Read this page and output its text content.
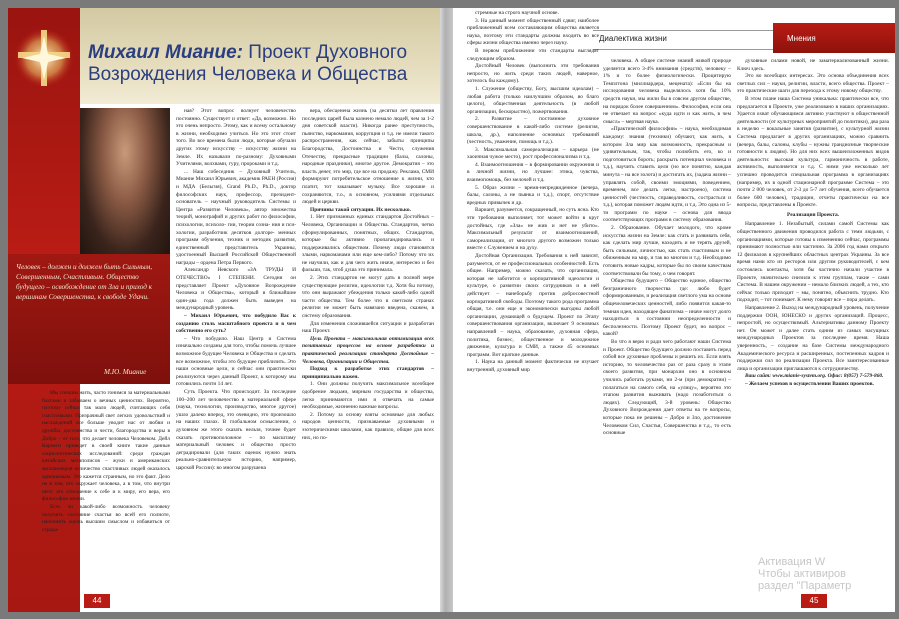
Михаил Миание: Проект Духовного Возрождения Человека и Общества
Человек – должен и должен быть Сильным, Совершенным, Счастливым. Общество будущего – освобождение от Зла и приход к вершинам Совершенства, к свободе Удачи.
М.Ю. Миание

ная? Этот вопрос волнует человечество постоянно. Существует и ответ: «Да, возможно. Но это очень непросто. Этому, как и всему остальному в жизни, необходимо учиться. Но это этот стоит того. Во все времена были люди, которые обучали других этому искусству – искусству жизни на Земле. Их называли по-разному: Духовными Учителями, волхвами, гуру, пророками и т.д.

... Наш собеседник – Духовный Учитель, Миание Михаил Юрьевич, академик РАЕН (Россия) и МДА (Бельгия), Grand Ph.D., Ph.D., доктор философских наук, профессор, президент-основатель – научный руководитель Системы и Центра «Развитие Человека», автор множества теорий, монографий и других работ по философии, психологии, психоло- гии, теории созна- ния и пси- хологии, разработчик десятков долгоре- менных программ обучения, техник и методик развития, единственный представитель Украины, удостоенный Высшей Российской Общественной награды – ордена Петра Первого.

Александр Невского «ЗА ТРУДЫ И ОТЕЧЕСТВО» І СТЕПЕНИ. Сегодня он представляет Проект «Духовное Возрождение Человека и Общества», который в ближайшие один-два года должен быть выведен на международный уровень.

– Михаил Юрьевич, что побудило Вас к созданию столь масштабного проекта и в чем собственно его суть?

– Что побудило. Наш Центр и Система изначально созданы для того, чтобы помочь лучшее возможное будущее Человека и Общества и сделать все возможное, чтобы это будущее приблизить. Это наши основные цели, и сейчас они практически реализуются через данный Проект, к которому мы готовились почти 14 лет.

Суть Проекта. Что происходит. За последние 100–200 лет человечество в материальной сфере (наука, технологии, производство, многое другое) ушло далеко вперед, это очевидно, это произошло на наших глазах. В глобальном осмыслении, о духовном же этого сказать нельзя, точнее будет сказать противоположное – по масштаму материальный человек и общество просто деградировали (для таких оценок нужно знать реально-сравнительную историю, например, царской России): во многом разрушена

вера, обесценена жизнь (за десятки лет правления последних царей была казнено немало людей, чем за 1-2 дня советской власти). Никогда ранее преступность, пьянство, наркомания, коррупция и т.д. не имели такого распространения, как сейчас, забыты принципы Благородства, Достоинства и Чести, служения Отечеству, прекрасные традиции (балы, салоны, народные праздники), многое другое. Демократия – это власть денег, это мир, где все на продажу. Реклама, СМИ формируют потребительское отношение к жизни, кто платит, тот заказывает музыку. Все хорошие и сохраняются, т.о., в основном, усилиями отдельных людей и церкви.

Причины такой ситуации. Их несколько.

1. Нет признанных единых стандартов Достойных – Человека, Организации и Общества. Стандартов, четко сформулированных, понятных, общих. Стандартов, которые бы активно пропагандировались и поддерживались обществом. Почему люди становятся злыми, наркоманами или еще кем-либо? Потому что их не научили, как и для чего жить иначе, интересно и без фальши, так, чтоб душа это принимала.

2. Этих стандартов не могут дать в полной мере существующие религии, идеологии т.д. Хотя бы потому, что они выражают убеждения только какой-либо одной части общества. Тем более что в светском странах религии не может быть навязано введена, скажем, в систему образования.

Для изменения сложившейся ситуации и разработан наш Проект.

Цель Проекта – максимальная оптимизация всех позитивных процессов на основе разработки и практической реализации стандарта Достойные – Человека, Организации и Общества.

Подход к разработке этих стандартов – принципиально важен.

1. Они должны получить максимальное всеобщее одобрение людьми, мирным государства и общества, легко принимаются ими и отвечать на самые необходимые, жизненно важные вопросы.

2. Потому за основу взяты основные для любых народов ценности, признаваемые духовными и эзотерическими школами, как правило, общие для всех них, но по-

Мы спешим жить, часто гонимся за материальными благами и забываем о вечных ценностях. Вероятно, поэтому сейчас так мало людей, считающих себя счастливыми. Призрачный свет легких удовольствий и наслаждений все больше уводит нас от любви и дружбы, достоинства и чести, благородства и веры в Добро – от того, что делает человека Человеком. Дейл Карнеги приведет в своей книге такие данные социологических исследований: среди граждан китайских мегаполисов – жуки и американских миллионеров количество счастливых людей оказалось одинаковым. Это кажется странным, но это факт. Дело не в том, что окружает человека, а в том, что внутри него: его отношение к себе и к миру, его вера, его философия жизни.

Есть ли какой-либо возможность человеку получить состояние счастья во всей его полноте, наполнить жизнь высшим смыслом и избавиться от страда-

44
Диалектика жизни	Мнения

стремные на строго научной основе.

3. На данный момент общественный сдвиг, наиболее приближенный всем составляющим общества является наука, поэтому эти стандарты должны входить во все сферы жизни общества именно через науку.

В первом приближении эти стандарты выглядят следующим образом.

Достойный Человек (выполнить эти требования непросто, но жить среди таких людей, наверное, хотелось бы каждому).

1. Служение (обществу, Богу, высшим идеалам) – любая работа (только наилучшим образом, во благо целого), общественная деятельность (в любой организации, бескорыстно), пожертвования.

2. Развитие – постоянное духовное совершенствование в какой-либо системе (религия, школа, др.), наполнение основных требований (честность, уважение, помощь и т.д.).

3. Максимальная самореализация – карьера (не хаоичная чужое место), рост профессионализма и т.д.

4. Взаимоотношения – в формировании окружения и в личной жизни, но лучшее: этика, чувства, взаимопомощь, без мелочей и т.д.

5. Образ жизни – время-непредвиденное (вечера, балы, салоны, а не пьянка и т.д.), спорт, отсутствие вредных привычек и др.

Вариант, разумеется, сокращенный, но суть ясна. Кто эти требования выполняет, тот может войти в круг достойных, где «Зла» не жив и нет не убито». Максимальный результат от взаимоотношений, самореализации, от многого другого возможен только вместе с Служением и на духу.

Достойная Организация. Требования к ней зависят, разумеется, от ее профессиональных особенностей. Есть общее. Например, можно сказать, что организация, которая не заботится о корпоративной идеологии и культуре, о развитии своих сотрудников и в ней действует – нанеборьбу против добросовестной корпоративной свободы. Поэтому такого рода программа общая, т.е. они еще и экономически выгодны любой организации, думающей о будущем. Проект по Этапу совершенствования организации, включает 9 основных направлений – наука, образование, духовная сфера, политика, бизнес, общественное и молодежное движение, культура и СМИ, а также 45 основных программ. Вот краткие данные.

1. Наука на данный момент фактически не изучает внутренний, духовный мир

человека. А общее системе знаний живой природе уделяется всего 3-4% внимания (средств), человеку – 1% и то более физиологически. Процитирую Темплтона (миллиардера, мецената): «Если бы на исследования человека выделялось хотя бы 10% средств науки, мы жили бы в совсем другом обществе, на порядок более совершенном». Философия, если она не отвечает на вопрос «куда идти и как жить, в чем смысл» – мертвая наука.

«Практической философии» – наука, необходимая каждому: знания (техники) обучают, как жить, в котором Зла мир как возможность, прекрасным и удивительным, так, чтобы полюбить его, ко и подготовиться бороть; раскрыть потенциал человека и т.д.), научить ставить цели (но все понятно, каждая минута – на все золота) и достигать их, (задача жизни – управлять собой, своими эмоциями, поведением, временем, все делать легко, настроено), система ценностей (честность, справедливость, сострасться и т.д.), которая поможет людям идти, и т.д. Это одна из 5-ти программ по науке – основа для ввода соответствующих программ в систему образования.

2. Образование. Обучает молодого, что кроме искусства жизни на Земле: как стать и развивать себя, как сделать мир лучше, находить и не терять друзей, быть сильным, личностью, как стать счастливым и не обиженным на мир, и так во многом и т.д. Необходимо готовить новые кадры, которые бы по своим качествам соответствовали бы тому, о чем говорят.

Общество будущего – Общество единое, общество безграничного творчества где: любо будет сформированным, и реализация светлого ума на основе общечеловеческих ценностей, либо появится какая-то темная идея, находящее фанатизма – иначе могут долго находиться в состоянии неопределенности и бесполезности. Поэтому Проект будет, но вопрос – какой?

Во что я верю и ради чего работают наши Система и Проект. Общество будущего должно поставить перед собой все духовные проблемы и решить их. Если взять историю, то человечество раз от раза сразу в этапе своего развития, при монархии оно в основном учились работать руками, ни 2-м (при демократии) – полагаться на самого себя, на «улицу», вероятно это этапом развития выживать (надо позаботиться о людях). Следующий, 3-й уровень: Общество Духовного Возрождения дает ответы на те вопросы, которые пока не решены – Добро и Зло, достижение Человеком Сил, Счастья, Совершенства и т.д., то есть основные

духовные силами новой, не заматериализованный жизни. Ключ здесь.

Это во всеобщих интересах. Это основа объединения всех светлых сил – науки, религии, власти, всего общества. Проект – это практические шаги для перехода к этому новому обществу.

В этом плане наша Система уникальна: практически все, что предлагается в Проекте, уже реализовано в наших организациях. Удается охват обучающимся активно участвуют в общественной деятельности (от культурных мероприятий до политики), два раза в неделю – вокальные занятия (развитие), с культурной жизни Система предлагает в других организациях, можно сравнить (вечера, балы, салоны, клубы – нужны грандиозные творческие готовности к людям). Но для них всех вышеизложенных видов деятельности: высокая культура, гармоничность в работе, активность, выполняется и т.д. С ними уже несколько лет успешно проводится специальная программа в организациях (например, их в одной стационарной программе Система – это почти 2 000 человек, от 2-3 до 5-7 лет обучения, всего обучается более 600 человек), традиции, отчеты практически на все вопросы, представлены в Проекте.

Реализация Проекта.

Направление 1. Незабытый, силами самой Системы как общественного движения проводился работа с теми людьми, с организациями, которые готовы к изменению сейчас, программы принимают полностью или частично. За 2006 год нами открыто 12 филиалов в крупнейших областных центрах Украины. За все время нами кто из ресторов или другим руководителей, с кем состоялись контакты, хотя бы частично начали участие в Проекте, значительно снизили к этим группам, такие – сами Система. В нашем окружении – немало близких людей, а тех, кто сейчас только приходит – мы, понятно, объяснить трудно. Кто подходит, – тот понимает. К нему говорят все – пора делать.

Направление 2. Выход на международный уровень, получение поддержки ООН, ЮНЕСКО и других организаций. Процесс, непростой, но осуществимый. Альтернативы данному Проекту нет. Он может и далее стать одним из самых насущных международных Проектов за последнее время. Наша уверенность, – создание на базе Системы международного Академического ресурса и расширенных, постепенных кадров и поддержки сил по реализации Проекта. Все заинтересованные лица и организации приглашаются к сотрудничеству.

Ваш сайт: www.mianie-system.org. Офис: 8(057) 7-579-860.

– Желаем успехов в осуществлении Ваших проектов.

45
Активация W
Чтобы активиров
раздел "Параметр
